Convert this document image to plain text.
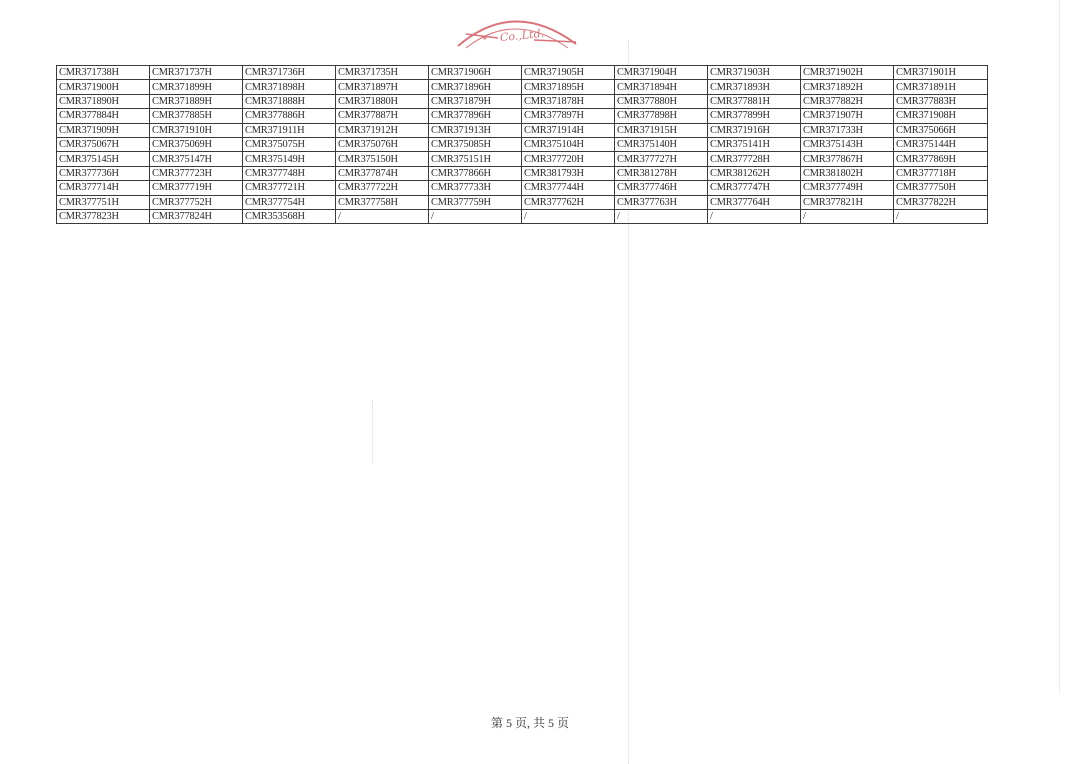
★ Co.,Ltd.
CMR371738H	CMR371737H	CMR371736H	CMR371735H	CMR371906H	CMR371905H	CMR371904H	CMR371903H	CMR371902H	CMR371901H
CMR371900H	CMR371899H	CMR371898H	CMR371897H	CMR371896H	CMR371895H	CMR371894H	CMR371893H	CMR371892H	CMR371891H
CMR371890H	CMR371889H	CMR371888H	CMR371880H	CMR371879H	CMR371878H	CMR377880H	CMR377881H	CMR377882H	CMR377883H
CMR377884H	CMR377885H	CMR377886H	CMR377887H	CMR377896H	CMR377897H	CMR377898H	CMR377899H	CMR371907H	CMR371908H
CMR371909H	CMR371910H	CMR371911H	CMR371912H	CMR371913H	CMR371914H	CMR371915H	CMR371916H	CMR371733H	CMR375066H
CMR375067H	CMR375069H	CMR375075H	CMR375076H	CMR375085H	CMR375104H	CMR375140H	CMR375141H	CMR375143H	CMR375144H
CMR375145H	CMR375147H	CMR375149H	CMR375150H	CMR375151H	CMR377720H	CMR377727H	CMR377728H	CMR377867H	CMR377869H
CMR377736H	CMR377723H	CMR377748H	CMR377874H	CMR377866H	CMR381793H	CMR381278H	CMR381262H	CMR381802H	CMR377718H
CMR377714H	CMR377719H	CMR377721H	CMR377722H	CMR377733H	CMR377744H	CMR377746H	CMR377747H	CMR377749H	CMR377750H
CMR377751H	CMR377752H	CMR377754H	CMR377758H	CMR377759H	CMR377762H	CMR377763H	CMR377764H	CMR377821H	CMR377822H
CMR377823H	CMR377824H	CMR353568H	/	/	/	/	/	/	/
第 5 页, 共 5 页
